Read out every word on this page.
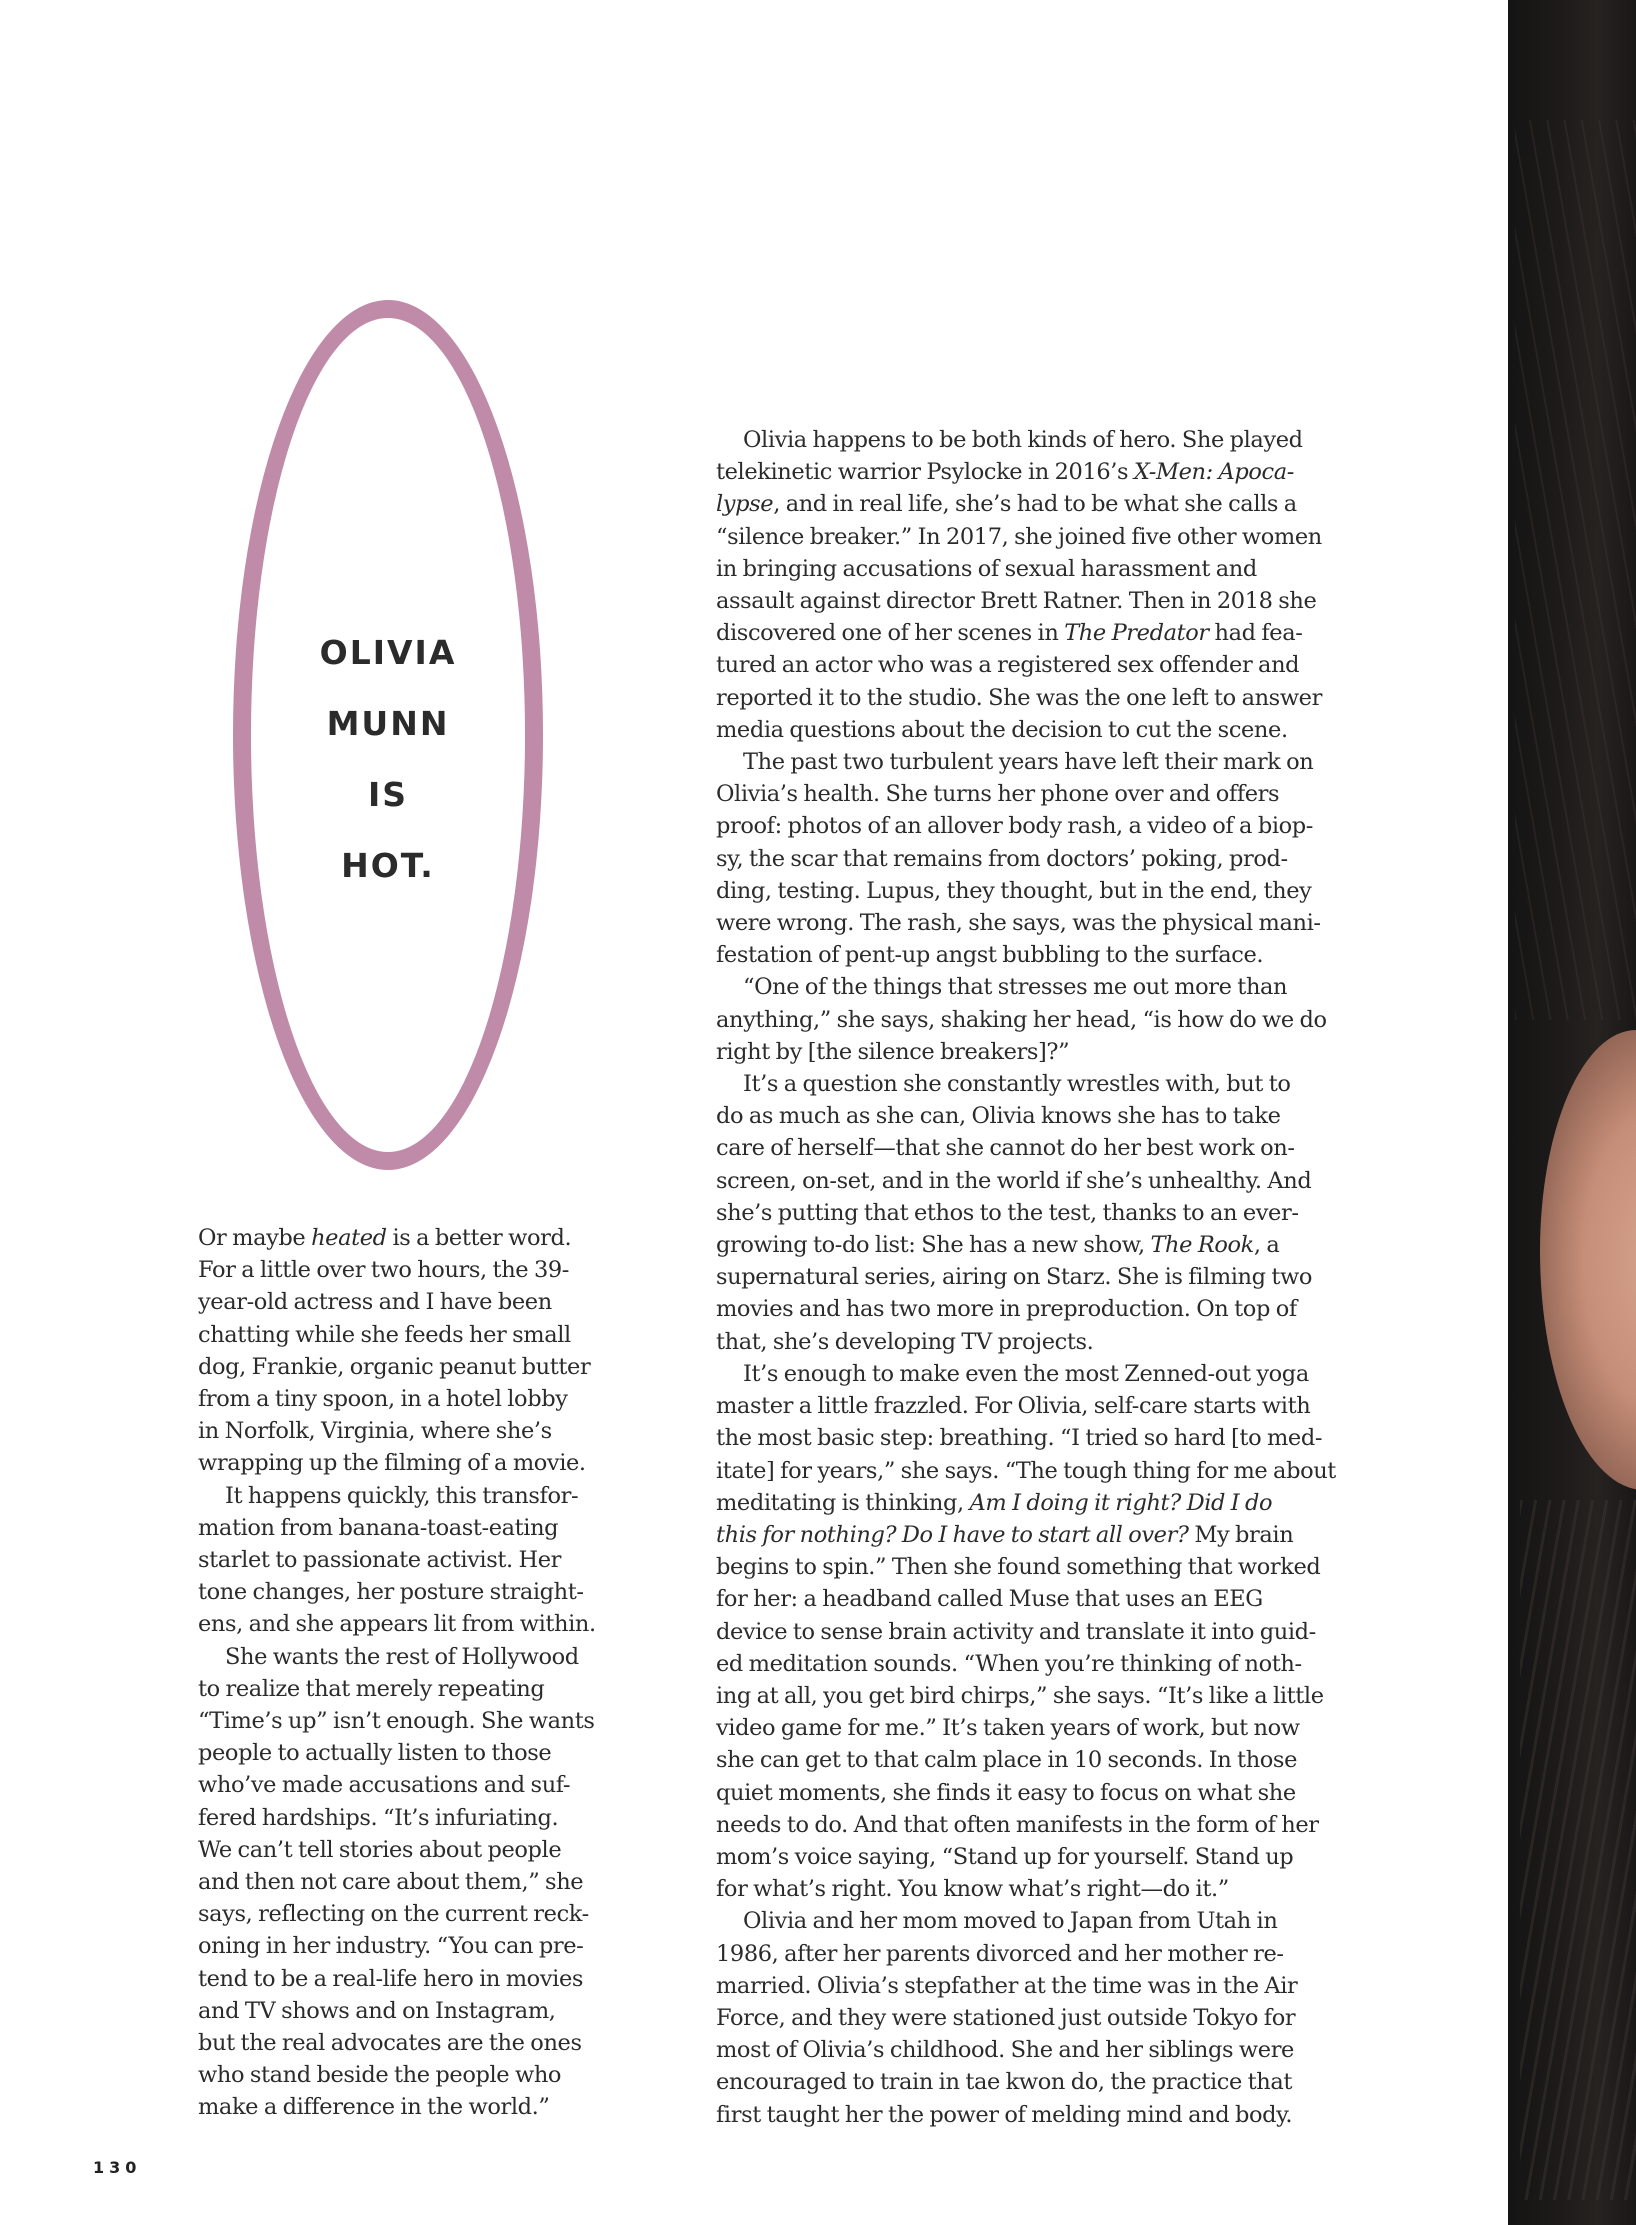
OLIVIA
MUNN
IS
HOT.

Or maybe heated is a better word.
For a little over two hours, the 39-
year-old actress and I have been
chatting while she feeds her small
dog, Frankie, organic peanut butter
from a tiny spoon, in a hotel lobby
in Norfolk, Virginia, where she’s
wrapping up the filming of a movie.

It happens quickly, this transfor-
mation from banana-toast-eating
starlet to passionate activist. Her
tone changes, her posture straight-
ens, and she appears lit from within.

She wants the rest of Hollywood
to realize that merely repeating
“Time’s up” isn’t enough. She wants
people to actually listen to those
who’ve made accusations and suf-
fered hardships. “It’s infuriating.
We can’t tell stories about people
and then not care about them,” she
says, reflecting on the current reck-
oning in her industry. “You can pre-
tend to be a real-life hero in movies
and TV shows and on Instagram,
but the real advocates are the ones
who stand beside the people who
make a difference in the world.”

Olivia happens to be both kinds of hero. She played
telekinetic warrior Psylocke in 2016’s X-Men: Apoca-
lypse, and in real life, she’s had to be what she calls a
“silence breaker.” In 2017, she joined five other women
in bringing accusations of sexual harassment and
assault against director Brett Ratner. Then in 2018 she
discovered one of her scenes in The Predator had fea-
tured an actor who was a registered sex offender and
reported it to the studio. She was the one left to answer
media questions about the decision to cut the scene.

The past two turbulent years have left their mark on
Olivia’s health. She turns her phone over and offers
proof: photos of an allover body rash, a video of a biop-
sy, the scar that remains from doctors’ poking, prod-
ding, testing. Lupus, they thought, but in the end, they
were wrong. The rash, she says, was the physical mani-
festation of pent-up angst bubbling to the surface.

“One of the things that stresses me out more than
anything,” she says, shaking her head, “is how do we do
right by [the silence breakers]?”

It’s a question she constantly wrestles with, but to
do as much as she can, Olivia knows she has to take
care of herself—that she cannot do her best work on-
screen, on-set, and in the world if she’s unhealthy. And
she’s putting that ethos to the test, thanks to an ever-
growing to-do list: She has a new show, The Rook, a
supernatural series, airing on Starz. She is filming two
movies and has two more in preproduction. On top of
that, she’s developing TV projects.

It’s enough to make even the most Zenned-out yoga
master a little frazzled. For Olivia, self-care starts with
the most basic step: breathing. “I tried so hard [to med-
itate] for years,” she says. “The tough thing for me about
meditating is thinking, Am I doing it right? Did I do
this for nothing? Do I have to start all over? My brain
begins to spin.” Then she found something that worked
for her: a headband called Muse that uses an EEG
device to sense brain activity and translate it into guid-
ed meditation sounds. “When you’re thinking of noth-
ing at all, you get bird chirps,” she says. “It’s like a little
video game for me.” It’s taken years of work, but now
she can get to that calm place in 10 seconds. In those
quiet moments, she finds it easy to focus on what she
needs to do. And that often manifests in the form of her
mom’s voice saying, “Stand up for yourself. Stand up
for what’s right. You know what’s right—do it.”

Olivia and her mom moved to Japan from Utah in
1986, after her parents divorced and her mother re-
married. Olivia’s stepfather at the time was in the Air
Force, and they were stationed just outside Tokyo for
most of Olivia’s childhood. She and her siblings were
encouraged to train in tae kwon do, the practice that
first taught her the power of melding mind and body.

130
